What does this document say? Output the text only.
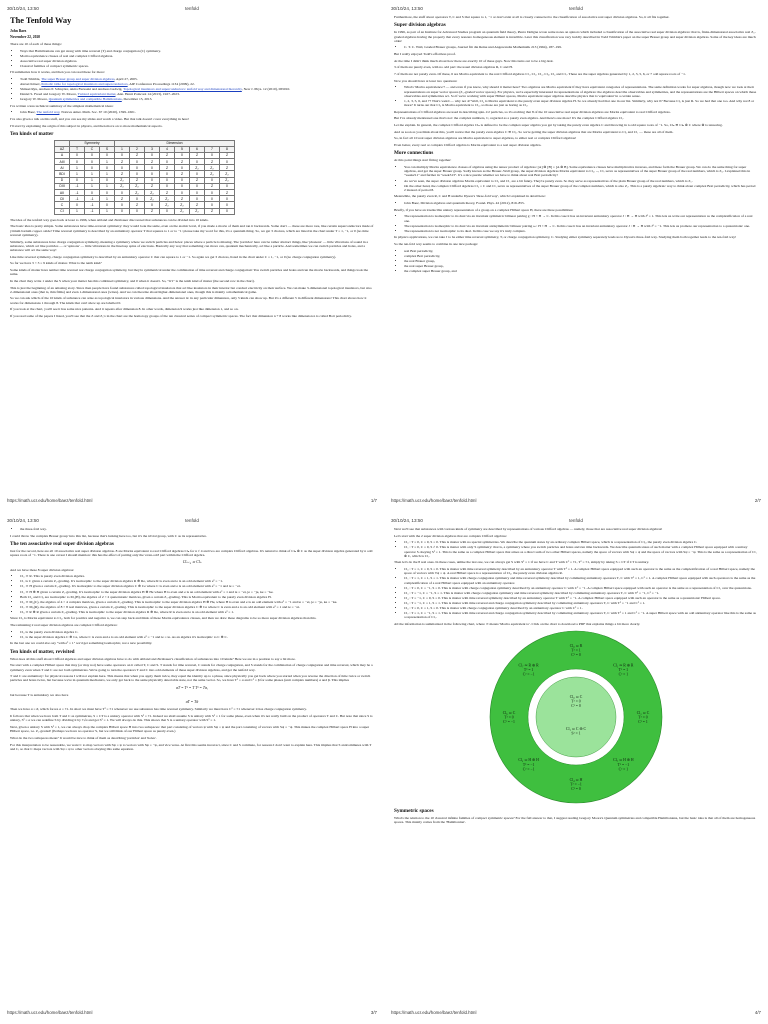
30/10/24, 13:50	tenfold
The Tenfold Way
John Baez
November 22, 2020

There are 10 of each of these things:

• Ways that Hamiltonians can get along with time reversal (T) and charge conjugation (C) symmetry.
• Morita equivalence classes of real and complex Clifford algebras.
• Associative real super division algebras.
• Classical families of compact symmetric spaces.

I'll summarize how it works, and then you can read these for more:

• Todd Trimble, The super Brauer group and super division algebras, April 27, 2005.
• Alexei Kitaev, Periodic table for topological insulators and superconductors, AIP Conference Proceedings 1134 (2009), 22.
• Shinsei Ryu, Andreas P. Schnyder, Akira Furusaki and Andreas Ludwig, Topological insulators and superconductors: tenfold way and dimensional hierarchy, New J. Phys. 12 (2010), 065010.
• Daniel S. Freed and Gregory W. Moore, Twisted equivariant matter, Ann. Henri Poincaré 14 (2013), 1927–2023.
• Gregory W. Moore, Quantum symmetries and compatible Hamiltonians, December 15, 2013.

I've written a less technical summary of the simplest mathematical ideas:

• John Baez, The tenfold way, Notices Amer. Math. Soc. 67 10 (2020), 1599–1601.

I've also given a talk on this stuff, and you can see my slides and watch a video. But that talk doesn't cover everything in here!

I'll start by explaining the origin of this subject in physics, and then move on to more mathematical aspects.

Ten kinds of matter
	Symmetry			Dimension							
AZ	T	C	S	1	2	3	4	5	6	7	8
A	0	0	0	0	Z	0	Z	0	Z	0	Z
AIII	0	0	1	Z	0	Z	0	Z	0	Z	0
AI	1	0	0	0	0	0	Z	0	Z₂	Z₂	Z
BDI	1	1	1	Z	0	0	0	Z	0	Z₂	Z₂
D	0	1	0	Z₂	Z	0	0	0	Z	0	Z₂
DIII	-1	1	1	Z₂	Z₂	Z	0	0	0	Z	0
AII	-1	0	0	0	Z₂	Z₂	Z	0	0	0	Z
CII	-1	-1	1	Z	0	Z₂	Z₂	Z	0	0	0
C	0	-1	0	0	Z	0	Z₂	Z₂	Z	0	0
CI	1	-1	1	0	0	Z	0	Z₂	Z₂	Z	0

The idea of the tenfold way goes back at least to 1996, when Altland and Zirnbauer discovered that substances can be divided into 10 kinds.

The basic idea is pretty simple. Some substances have time-reversal symmetry: they would look the same, even on the atomic level, if you made a movie of them and ran it backwards. Some don't — these are more rare, like certain superconductors made of yttrium barium copper oxide! Time reversal symmetry is described by an antiunitary operator T that squares to 1 or to −1: please take my word for this, it's a quantum thing. So, we get 3 choices, which are listed in the chart under T = 1, −1, or 0 (no time reversal symmetry).

Similarly, some substances have charge conjugation symmetry, meaning a symmetry where we switch particles and holes: places where a particle is missing. The 'particles' here can be rather abstract things, like 'phonons' — little vibrations of sound in a substance, which act like particles — or 'spinons' — little vibrations in the lined-up spins of electrons. Basically any way that something can move can, quantum mechanically, act like a particle. And sometimes we can switch particles and holes, and a substance will act the same way!

Like time reversal symmetry, charge conjugation symmetry is described by an antiunitary operator C that can square to 1 or −1. So again we get 3 choices, listed in the chart under C = 1, −1, or 0 (no charge conjugation symmetry).

So far we have 3 × 3 = 9 kinds of matter. What is the tenth kind?

Some kinds of matter have neither time reversal nor charge conjugation symmetry, but they're symmetrical under the combination of time reversal and charge conjugation! You switch particles and holes and run the movie backwards, and things look the same.

In the chart they write 1 under the S when your matter has this combined symmetry, and 0 when it doesn't. So, "0/1" is the tenth kind of matter (the second row in the chart).

This is just the beginning of an amazing story. Since then people have found substances called topological insulators that act like insulators in their interior but conduct electricity on their surface. We can make 3-dimensional topological insulators, but also 2-dimensional ones (that is, thin films) and even 1-dimensional ones (wires). And we can theorize about higher-dimensional ones, though this is mainly a mathematical game.

So we can ask which of the 10 kinds of substance can arise as topological insulators in various dimensions. And the answer is: in any particular dimension, only 5 kinds can show up. But it's a different 5 in different dimensions! This chart shows how it works for dimensions 1 through 8. The kinds that can't show up are labelled 0.

If you look at the chart, you'll see it has some nice patterns. And it repeats after dimension 8. In other words, dimension 9 works just like dimension 1, and so on.

If you read some of the papers I listed, you'll see that the Z and Z₂'s in the chart are the homotopy groups of the ten classical series of compact symmetric spaces. The fact that dimension n + 8 works like dimension n is called Bott periodicity.

https://math.ucr.edu/home/baez/tenfold.html	1/7
30/10/24, 13:50	tenfold

Furthermore, the stuff about operators T, C and S that square to 1, −1 or don't exist at all is closely connected to the classification of associative real super division algebras. So, it all fits together.

Super division algebras

In 1996, as part of an Institute for Advanced Studies program on quantum field theory, Pierre Deligne wrote some notes on spinors which included a classification of the associative real super division algebras: that is, finite-dimensional associative real Z₂-graded algebras having the property that every nonzero homogeneous element is invertible. Later this classification was very lucidly described in Todd Trimble's paper on the super Brauer group and super division algebras. Some of the key ideas are much older:

• C. T. C. Wall, Graded Brauer groups, Journal für die Reine und Angewandte Mathematik 213 (1964), 187–199.

But I really enjoyed Todd's effortless proof.

At the time I didn't think much about how there are exactly 10 of these guys. Now this turns out to be a big deal.

3 of them are purely even, with no odd part: the usual division algebras R, C and H.

7 of them are not purely even. Of these, 6 are Morita equivalent to the real Clifford algebras Cl₁, Cl₂, Cl₃, Cl₅, Cl₆ and Cl₇. These are the super algebras generated by 1, 2, 3, 5, 6, or 7 odd square roots of −1.

Now you should have at least two questions:

• What's 'Morita equivalence'? — and even if you know, why should it matter here? Two algebras are Morita equivalent if they have equivalent categories of representations. The same definition works for super algebras, though now we look at their representations on super vector spaces (Z₂-graded vector spaces). For physics, we're especially interested in representations of algebras: the algebras describe observables and symmetries, and the representations are the Hilbert spaces on which these observables and symmetries act. So if we're working with super Hilbert spaces, Morita equivalent super algebras describe physics that is 'equivalent' in a certain sense.
• 1, 2, 3, 5, 6, and 7? That's weird — why not 4? Well, Cl₄ is Morita equivalent to the purely even super division algebra H. So we already had that one in our list. Similarly, why not 0? Because Cl₀ is just R. So we had that one too. And why not 8 or more? It turns out that Cl₈ is Morita equivalent to Cl₀, so those are just as boring as Cl₀.

Representations of Clifford algebras are used in describing spin-1/2 particles, so it's exciting that 8 of the 10 associative real super division algebras are Morita equivalent to real Clifford algebras.

But I've already mentioned one that's not: the complex numbers, C, regarded as a purely even algebra. And there's one more! It's the complex Clifford algebra Cl₁.

Let me explain. In general, the complex Clifford algebra Clₙ is defined to be the complex super algebra you get by taking the purely even algebra C and throwing in n odd square roots of −1. So, Clₙ ≅ Clₙ ⊗ C where ⊗ is tensoring.

And as soon as you think about this, you'll notice that the purely even algebra C ≅ Cl₀. So we're getting the super division algebras that are Morita equivalent to Cl₀ and Cl₁ — these are all of them.

So, in fact all 10 real super division algebras are Morita equivalent to super algebras, to either real or complex Clifford algebras!

Even better, every real or complex Clifford algebra is Morita equivalent to a real super division algebra.

More connections

At this point things start fitting together:

• You can multiply Morita equivalence classes of algebras using the tensor product of algebras: [A] ⊗ [B] = [A ⊗ B]. Some equivalence classes have multiplicative inverses, and these form the Brauer group. We can do the same thing for super algebras, and get the super Brauer group. Sadly known as the Brauer–Wall group, the super division algebras Morita equivalent to Cl₀, ..., Cl₇ serve as representatives of the super Brauer group of the real numbers, which is Z₈. I explained this in "week211" and further in "week313". It's a nice puzzle whether we have to think about real Bott periodicity!
• As we've seen, the super division algebras Morita equivalent to Cl₀ and Cl₁ are a bit funny. They're purely even. So they serve as representatives of the plain Brauer group of the real numbers, which is Z₂.
• On the other hand, the complex Clifford algebras Cl₀ = C and Cl₁ serve as representatives of the super Brauer group of the complex numbers, which is also Z₂. This is a purely algebraic way to think about complex Bott periodicity, which has period 2 instead of period 8.

Meanwhile, the purely even R, C and H underlie Dyson's 'three-fold way', which I explained in detail here:

• John Baez, Division algebras and quantum theory, Found. Phys. 42 (2012), 819–855.

Briefly, if you have an irreducible unitary representation of a group on a complex Hilbert space H, there are three possibilities:

• The representation is isomorphic to its dual via an invariant symmetric bilinear pairing g : H × H → C. In this case it has an invariant antiunitary operator J : H → H with J² = 1. This lets us write our representation as the complexification of a real one.
• The representation is isomorphic to its dual via an invariant antisymmetric bilinear pairing ω : H × H → C. In this case it has an invariant antiunitary operator J : H → H with J² = −1. This lets us promote our representation to a quaternionic one.
• The representation is not isomorphic to its dual. In this case we say it's truly complex.

In physics applications, we can take J to be either time reversal symmetry, T, or charge conjugation symmetry, C. Studying either symmetry separately leads us to Dyson's three-fold way. Studying them both together leads to the ten-fold way!

So the ten-fold way seems to combine in one nice package:

• real Bott periodicity,
• complex Bott periodicity,
• the real Brauer group,
• the real super Brauer group,
• the complex super Brauer group, and
https://math.ucr.edu/home/baez/tenfold.html	2/7
30/10/24, 13:50	tenfold
• the three-fold way.

I could throw 'the complex Brauer group' into this list, because that's lurking here too, but it's the trivial group, with C as its representative.

The ten associative real super division algebras

Just for the record, here are all 10 associative real super division algebras. 8 are Morita equivalent to real Clifford algebras Clₙ for n ≠ 4 and two are complex Clifford algebras. It's natural to think of Clₙ ⊗ C as the super division algebra generated by n odd square roots of −1. There is one caveat I should mention: this has the effect of putting only the 'even-odd' part within the Clifford algebra.

Clₙ₊₈ ≃ Clₙ

And we have these 8 super division algebras:

• Cl₀ ≃ R. This is purely even division algebra.
• Cl₁ is C given a certain Z₂-grading. It's isomorphic to the super division algebra R ⊕ Re, where R is even and e is an odd element with e² = −1.
• Cl₂ ≃ H given a certain Z₂-grading. It's isomorphic to the super division algebra C ⊕ Ce where C is even and e is an odd element with e² = −1 and ie = −ei.
• Cl₃ ≃ H ⊕ H given a certain Z₂-grading. It's isomorphic to the super division algebra H ⊕ He where H is even and e is an odd element with e² = 1 and ie = −ei, je = −je, ke = −ke.
• Both Cl₄ and Cl₅ are isomorphic to M₂(H), the algebra of 2 × 2 quaternionic matrices, given a certain Z₂-grading. This is Morita equivalent to the purely even division algebra H.
• Cl₆ ≃ M₄(C), the algebra of 4 × 4 complex matrices, given a certain Z₂-grading. This is isomorphic to the super division algebra H ⊕ He, where H is even and e is an odd element with e² = −1 and ie = −ei, je = −je, ke = −ke.
• Cl₇ ≃ M₈(R), the algebra of 8 × 8 real matrices, given a certain Z₂-grading. This is isomorphic to the super division algebra C ⊕ Ce where C is even and e is an odd element with e² = 1 and ie = −ei.
• Cl₈ ≃ R ⊕ R given a certain Z₂-grading. This is isomorphic to the super division algebra R ⊕ Re, where R is even and e is an odd element with e² = 1.

Since Cl₈ is Morita equivalent to Cl₀, both for positive and negative n, we can step back and think of these Morita equivalence classes, and then we draw these diagrams to be so more super division algebras than this.

The remaining 2 real super division algebras are complex Clifford algebras:

• Cl₀ is the purely even division algebra C.
• Cl₁ is the super division algebra C ⊕ Ce, where C is even and e is an odd element with e² = −1 and ie = ie. As an algebra it's isomorphic to C ⊕ C.

In the last one we could also say "with e² = 1" we'd get something isomorphic, not a new possibility.

Ten kinds of matter, revisited

What does all this stuff about Clifford algebras and super division algebras have to do with Altland and Zirnbauer's classification of substances into 10 kinds? Here we are in a position to say a bit more.

We start with a complex Hilbert space that may (or may not) have some operators on it called T, C and S. T stands for time reversal, C stands for charge conjugation, and S stands for the combination of charge conjugation and time reversal, which may be a symmetry even when T and C are not both symmetries. We're going to turn the operators T and C into odd elements of these super division algebras, and get the tenfold way.

T and C are antiunitary: for physical reasons I will not explain here. This means that when you apply them twice, they equal the identity up to a phase, since physically you get back where you started when you reverse the direction of time twice or switch particles and holes twice, but because we're in quantum mechanics, we only get back to the same physically detectable state, not the same vector. So, we have T² = α and C² = β for some phases (unit complex numbers) α and β. This implies

αT = T³ = T T² = Tα,

but because T is antiunitary we also have

αT = Tᾱ

Then we have α = ᾱ, which forces α = ±1. In short we must have T² = ±1 whenever we use substance has time reversal symmetry. Similarly we must have C² = ±1 whenever it has charge conjugation symmetry.

It follows that when we have both T and C as symmetries, S = CT is a unitary operator with S² = ±1. Indeed we shall assume S is unitary with S² = 1 for some phase, even when it's not really built on the product of operators T and C. But note that since S is unitary, S² = α we can redefine S by dividing it by ±√α and get S² = 1. We will always do this. This shows that S is a unitary operator with S² = 1.

Next, given a unitary S with S² = 1, we can always chop the complex Hilbert space H into two subspaces: that part consisting of vectors ψ with Sψ = ψ and the part consisting of vectors with Sψ = −ψ. This makes the complex Hilbert space H into a super Hilbert space, i.e. Z₂-graded! (Perhaps we have no operator S, but we still think of our Hilbert space as purely even.)

What do the two subspaces mean? It would be nice to think of them as describing 'particles' and 'holes'.

For this interpretation to be reasonable, we want C to map vectors with Sψ = ψ to vectors with Sψ = −ψ, and vice versa. At first this seems incorrect, since C and S commute, for reasons I don't want to explain here. This implies that S anticommutes with T and C, so that C maps vectors with Sψ = ψ to other vectors obeying this same equation.

https://math.ucr.edu/home/baez/tenfold.html	3/7
30/10/24, 13:50	tenfold

Next we'll see that substances with various kinds of symmetry are described by representations of various Clifford algebras — namely, those that are associative real super division algebras!

Let's start with the 2 super division algebras that are complex Clifford algebras:

• Cl₀ : T = 0, C = 0, S = 0. This is matter with no special symmetries. We describe the quantum states by an ordinary complex Hilbert space, which is a representation of Cl₀, the purely even division algebra C.
• Cl₁ : T = 0, C = 0, S ≠ 0. This is matter with only S symmetry: that is, a symmetry where you switch particles and holes and run time backwards. We describe quantum states of such matter with a complex Hilbert space equipped with a unitary operator S obeying S² = 1. This is the same as a complex Hilbert space that arises as a direct sum of two other Hilbert spaces, namely the space of vectors with Sψ = ψ and the space of vectors with Sψ = −ψ. This is the same as a representation of Cl₁ ⊗ C, which is Cl₁.

Then let's do the 8 real ones. In these cases, unlike the last one, we can always get S with S² = 1 if we have C and T with C² = ±1, T² = ±1, simply by taking S = CT if CT is unitary.

• Cl₀ : T = 1, C = 0, S = 0. This is matter with time reversal symmetry described by an antiunitary operator T with T² = 1. A complex Hilbert space equipped with such an operator is the same as the complexification of a real Hilbert space, namely the space of vectors with Tψ = ψ. A real Hilbert space is a representation of Cl₀, the purely even division algebra R.
• Cl₁ : T = 1, C = 1, S = 1. This is matter with charge conjugation symmetry and time reversal symmetry described by commuting antiunitary operators T, C with T² = 1, C² = 1. A complex Hilbert space equipped with such operators is the same as the complexification of a real Hilbert space equipped with an antiunitary operator.
• Cl₂ : T = 0, C = −1, S = 0. This is matter with charge conjugation symmetry described by an antiunitary operator C with C² = −1. A complex Hilbert space equipped with such an operator is the same as a representation of Cl₂ over the quaternions.
• Cl₃ : T = −1, C = −1, S = 1. This is matter with charge conjugation symmetry and time reversal symmetry described by commuting antiunitary operators T, C with T² = −1, C² = −1.
• Cl₄ : T = −1, C = 0, S = 0. This is matter with time reversal symmetry described by an antiunitary operator T with T² = −1. A complex Hilbert space equipped with such an operator is the same as a quaternionic Hilbert space.
• Cl₅ : T = −1, C = 1, S = 1. This is matter with time reversal and charge conjugation symmetry described by commuting antiunitary operators T, C with T² = −1 and C² = 1.
• Cl₆ : T = 0, C = 1, S = 0. This is matter with charge conjugation symmetry described by an antiunitary operator C with C² = 1.
• Cl₇ : T = 1, C = −1, S = 1. This is matter with time reversal and charge conjugation symmetry described by commuting antiunitary operators T, C with T² = 1 and C² = −1. A super Hilbert space with an odd antiunitary operator like this is the same as a representation of Cl₇.

All the information is summarized in the following chart, where ≃ means 'Morita equivalent to'. Click on the chart to download a PDF that explains things a bit more clearly.

Cl₀ ≃ R
T² = 1
C² = 0
Cl₁ ≃ R ⊕ R
T² = 1
C² = 1
Cl₂ ≃ C
T² = 0
C² = 1
Cl₃ ≃ H ⊕ H
T² = −1
C² = 1
Cl₄ ≃ H
T² = −1
C² = 0
Cl₅ ≃ H ⊕ H
T² = −1
C² = −1
Cl₆ ≃ C
T² = 0
C² = −1
Cl₇ ≃ R ⊕ R
T² = 1
C² = −1
Cl₀ ≃ C
T² = 0
C² = 0
Cl₁ ≃ C ⊕ C
S² = 1
Symmetric spaces

What's the relation to the 10 classical infinite families of compact symmetric spaces? For the full answer to that, I suggest reading Gregory Moore's Quantum symmetries and compatible Hamiltonians, but the basic idea is that all of them are homogeneous spaces. This mainly comes from the 'Hamiltonian'.

https://math.ucr.edu/home/baez/tenfold.html	4/7
